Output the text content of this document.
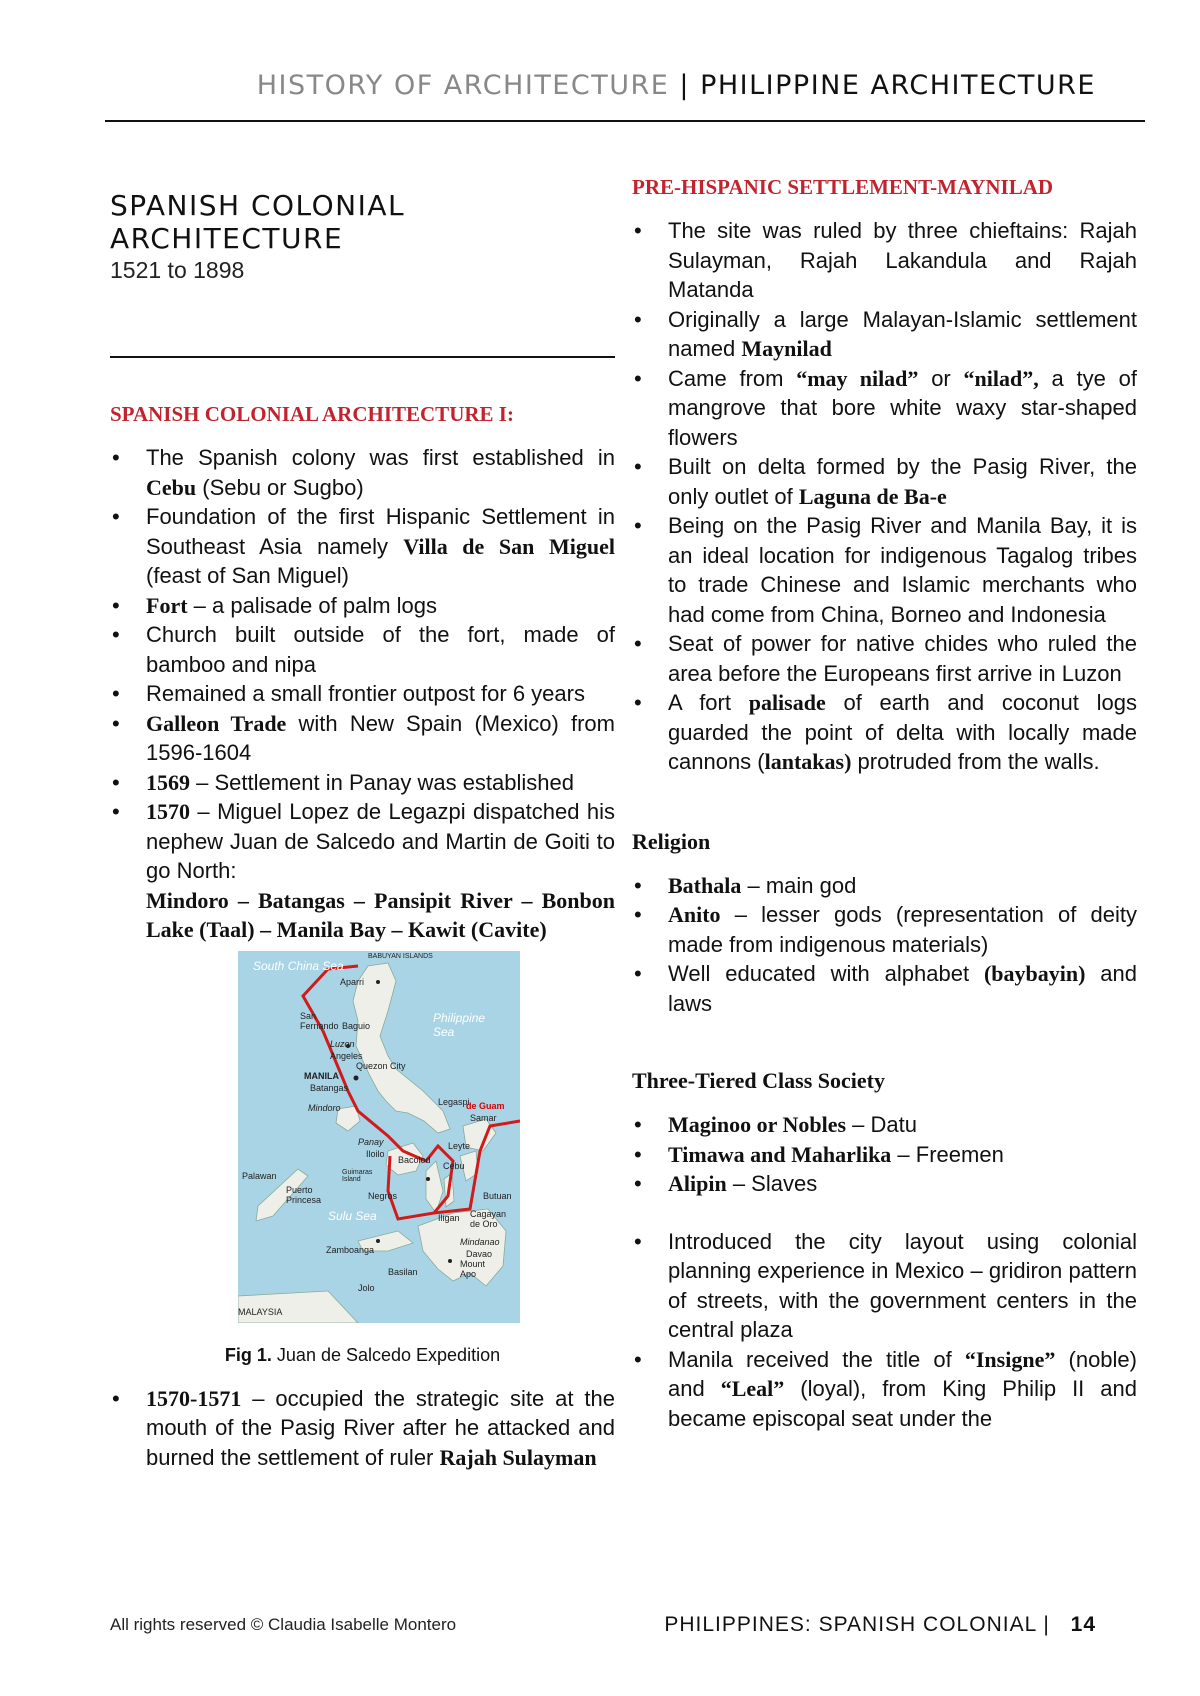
HISTORY OF ARCHITECTURE | PHILIPPINE ARCHITECTURE
SPANISH COLONIAL ARCHITECTURE
1521 to 1898

SPANISH COLONIAL ARCHITECTURE I:

• The Spanish colony was first established in Cebu (Sebu or Sugbo)
• Foundation of the first Hispanic Settlement in Southeast Asia namely Villa de San Miguel (feast of San Miguel)
• Fort – a palisade of palm logs
• Church built outside of the fort, made of bamboo and nipa
• Remained a small frontier outpost for 6 years
• Galleon Trade with New Spain (Mexico) from 1596-1604
• 1569 – Settlement in Panay was established
• 1570 – Miguel Lopez de Legazpi dispatched his nephew Juan de Salcedo and Martin de Goiti to go North:
Mindoro – Batangas – Pansipit River – Bonbon Lake (Taal) – Manila Bay – Kawit (Cavite)
South China Sea
Philippine Sea
Sulu Sea
BABUYAN ISLANDS
Aparri
San Fernando Baguio
Luzon
Angeles
Quezon City
MANILA
Batangas
Mindoro
Legaspi
de Guam
Samar
Panay
Iloilo
Bacolod
Leyte
Cebu
Palawan	Guimaras Island
Negros	Butuan
Puerto Princesa
Iligan Cagayan de Oro
Mindanao
Davao
Zamboanga
Mount Apo
Basilan
Jolo
MALAYSIA
Fig 1. Juan de Salcedo Expedition
• 1570-1571 – occupied the strategic site at the mouth of the Pasig River after he attacked and burned the settlement of ruler Rajah Sulayman

PRE-HISPANIC SETTLEMENT-MAYNILAD

• The site was ruled by three chieftains: Rajah Sulayman, Rajah Lakandula and Rajah Matanda
• Originally a large Malayan-Islamic settlement named Maynilad
• Came from “may nilad” or “nilad”, a tye of mangrove that bore white waxy star-shaped flowers
• Built on delta formed by the Pasig River, the only outlet of Laguna de Ba-e
• Being on the Pasig River and Manila Bay, it is an ideal location for indigenous Tagalog tribes to trade Chinese and Islamic merchants who had come from China, Borneo and Indonesia
• Seat of power for native chides who ruled the area before the Europeans first arrive in Luzon
• A fort palisade of earth and coconut logs guarded the point of delta with locally made cannons (lantakas) protruded from the walls.

Religion

• Bathala – main god
• Anito – lesser gods (representation of deity made from indigenous materials)
• Well educated with alphabet (baybayin) and laws

Three-Tiered Class Society

• Maginoo or Nobles – Datu
• Timawa and Maharlika – Freemen
• Alipin – Slaves
• Introduced the city layout using colonial planning experience in Mexico – gridiron pattern of streets, with the government centers in the central plaza
• Manila received the title of “Insigne” (noble) and “Leal” (loyal), from King Philip II and became episcopal seat under the
All rights reserved © Claudia Isabelle Montero	PHILIPPINES: SPANISH COLONIAL | 14
